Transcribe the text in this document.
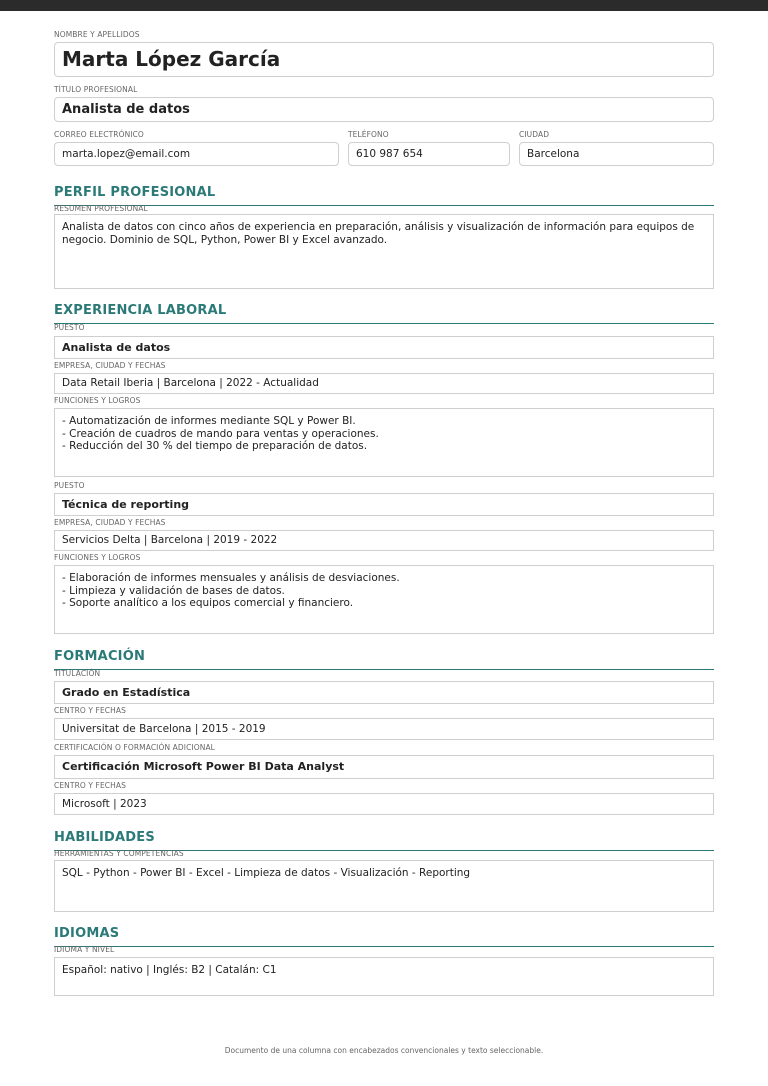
NOMBRE Y APELLIDOS
Marta López García
TÍTULO PROFESIONAL
Analista de datos
CORREO ELECTRÓNICO
marta.lopez@email.com
TELÉFONO
610 987 654
CIUDAD
Barcelona
PERFIL PROFESIONAL
RESUMEN PROFESIONAL
Analista de datos con cinco años de experiencia en preparación, análisis y visualización de información para equipos de negocio. Dominio de SQL, Python, Power BI y Excel avanzado.
EXPERIENCIA LABORAL
PUESTO
Analista de datos
EMPRESA, CIUDAD Y FECHAS
Data Retail Iberia | Barcelona | 2022 - Actualidad
FUNCIONES Y LOGROS
- Automatización de informes mediante SQL y Power BI.
- Creación de cuadros de mando para ventas y operaciones.
- Reducción del 30 % del tiempo de preparación de datos.
PUESTO
Técnica de reporting
EMPRESA, CIUDAD Y FECHAS
Servicios Delta | Barcelona | 2019 - 2022
FUNCIONES Y LOGROS
- Elaboración de informes mensuales y análisis de desviaciones.
- Limpieza y validación de bases de datos.
- Soporte analítico a los equipos comercial y financiero.
FORMACIÓN
TITULACIÓN
Grado en Estadística
CENTRO Y FECHAS
Universitat de Barcelona | 2015 - 2019
CERTIFICACIÓN O FORMACIÓN ADICIONAL
Certificación Microsoft Power BI Data Analyst
CENTRO Y FECHAS
Microsoft | 2023
HABILIDADES
HERRAMIENTAS Y COMPETENCIAS
SQL - Python - Power BI - Excel - Limpieza de datos - Visualización - Reporting
IDIOMAS
IDIOMA Y NIVEL
Español: nativo | Inglés: B2 | Catalán: C1
Documento de una columna con encabezados convencionales y texto seleccionable.
